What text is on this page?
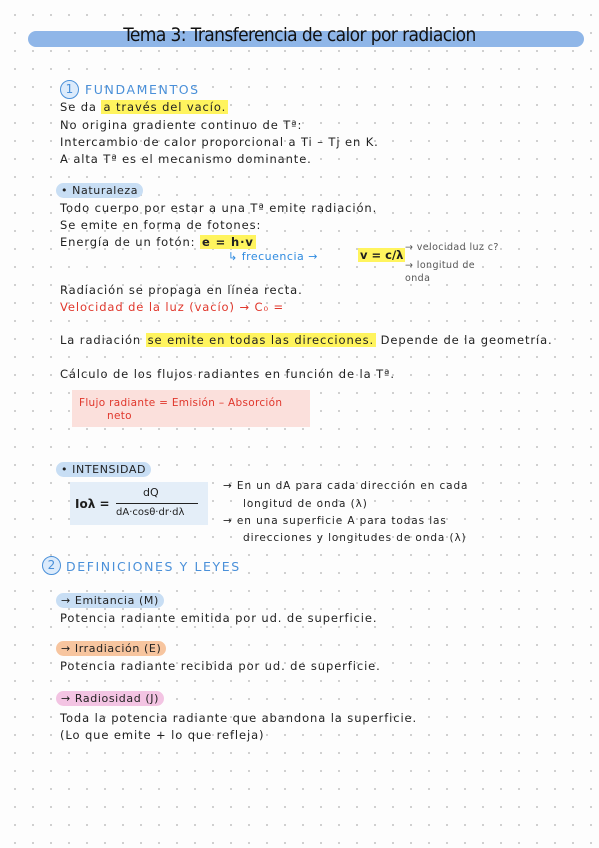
Tema 3: Transferencia de calor por radiacion
1 FUNDAMENTOS
Se da a través del vacío.
No origina gradiente continuo de Tª:
Intercambio de calor proporcional a Ti – Tj en K.
A alta Tª es el mecanismo dominante.
• Naturaleza
Todo cuerpo por estar a una Tª emite radiación.
Se emite en forma de fotones:
Energía de un fotón: e = h·v
↳ frecuencia →	v = c/λ
→ velocidad luz c?
→ longitud de onda
Radiación se propaga en línea recta.
Velocidad de la luz (vacío) → C₀ =
La radiación se emite en todas las direcciones. Depende de la geometría.
Cálculo de los flujos radiantes en función de la Tª.
Flujo radiante = Emisión – Absorción
neto
• INTENSIDAD
Iᴏλ =
dQ
dA·cosθ·dr·dλ
→ En un dA para cada dirección en cada
longitud de onda (λ)
→ en una superficie A para todas las
direcciones y longitudes de onda (λ)
2 DEFINICIONES Y LEYES
→ Emitancia (M)
Potencia radiante emitida por ud. de superficie.
→ Irradiación (E)
Potencia radiante recibida por ud. de superficie.
→ Radiosidad (J)
Toda la potencia radiante que abandona la superficie.
(Lo que emite + lo que refleja)
